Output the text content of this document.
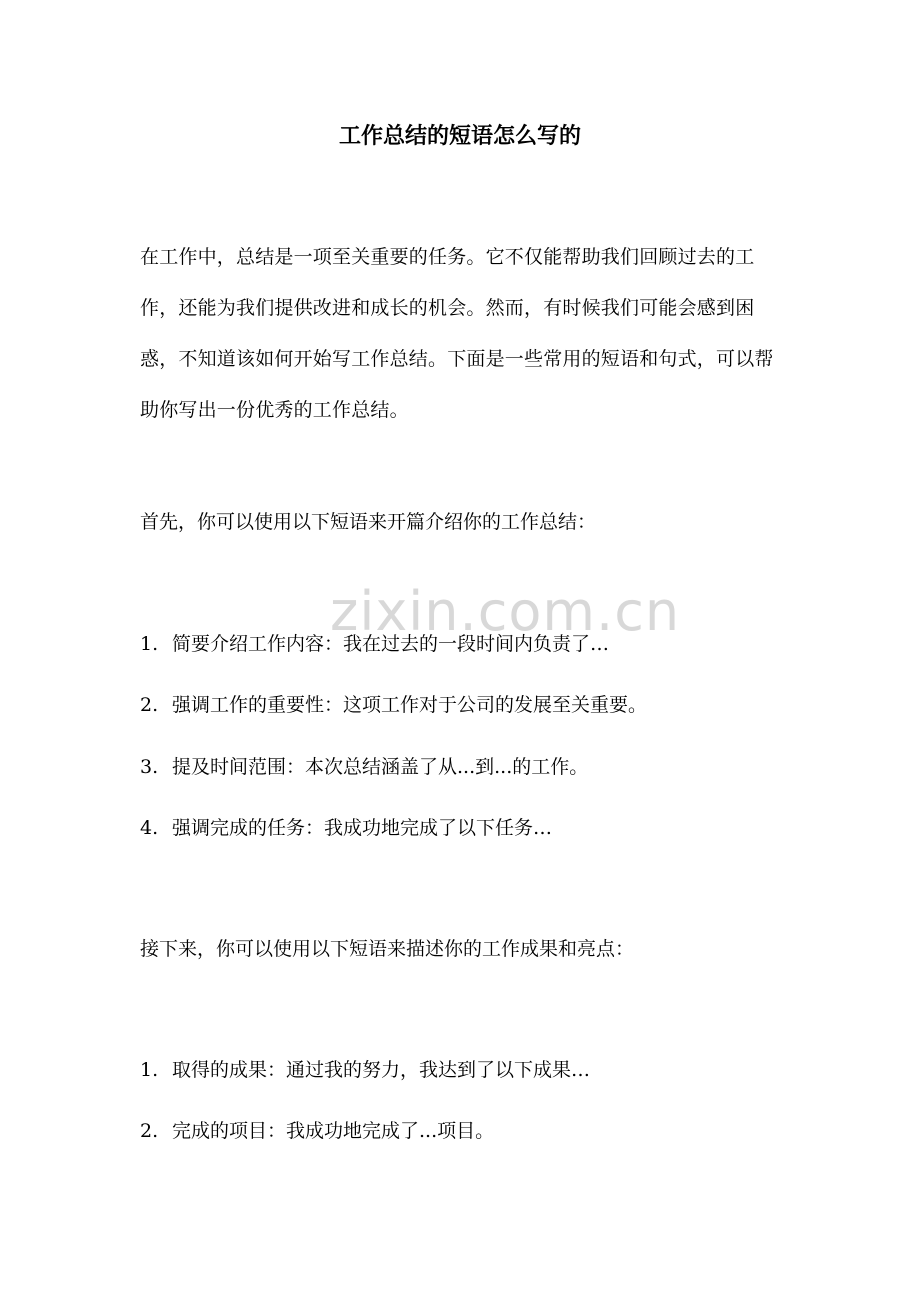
zixin.com.cn
工作总结的短语怎么写的

在工作中，总结是一项至关重要的任务。它不仅能帮助我们回顾过去的工作，还能为我们提供改进和成长的机会。然而，有时候我们可能会感到困惑，不知道该如何开始写工作总结。下面是一些常用的短语和句式，可以帮助你写出一份优秀的工作总结。

首先，你可以使用以下短语来开篇介绍你的工作总结：

1. 简要介绍工作内容：我在过去的一段时间内负责了…

2. 强调工作的重要性：这项工作对于公司的发展至关重要。

3. 提及时间范围：本次总结涵盖了从...到...的工作。

4. 强调完成的任务：我成功地完成了以下任务…

接下来，你可以使用以下短语来描述你的工作成果和亮点：

1. 取得的成果：通过我的努力，我达到了以下成果…

2. 完成的项目：我成功地完成了...项目。
